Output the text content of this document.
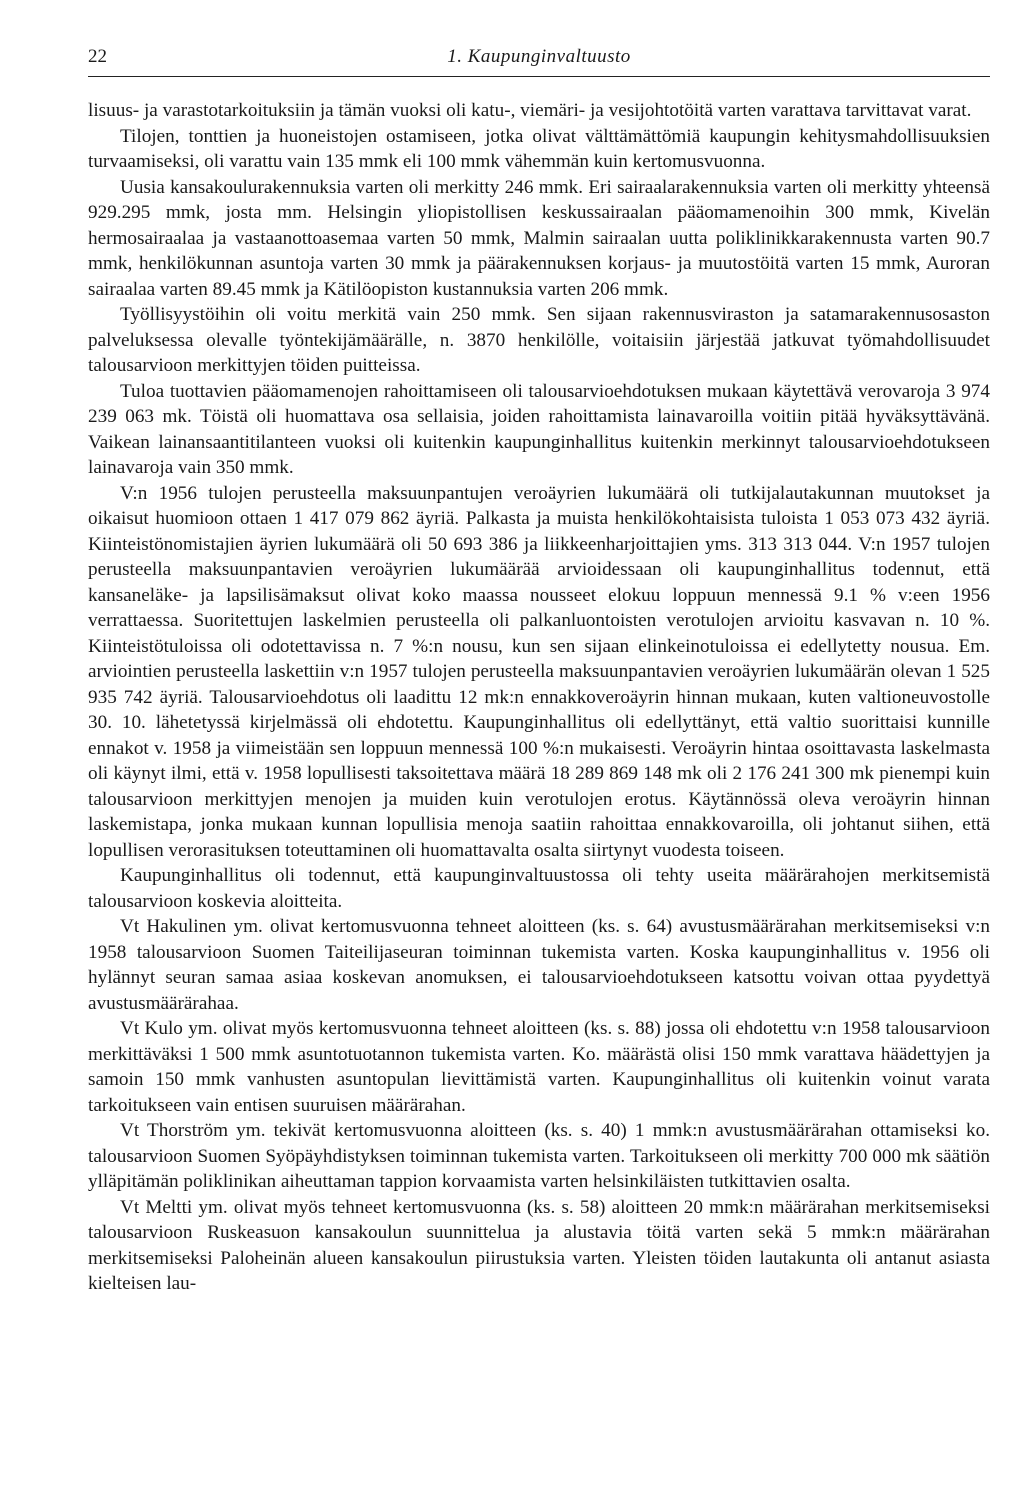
22	1. Kaupunginvaltuusto

lisuus- ja varastotarkoituksiin ja tämän vuoksi oli katu-, viemäri- ja vesijohtotöitä varten varattava tarvittavat varat.

Tilojen, tonttien ja huoneistojen ostamiseen, jotka olivat välttämättömiä kaupungin kehitysmahdollisuuksien turvaamiseksi, oli varattu vain 135 mmk eli 100 mmk vähemmän kuin kertomusvuonna.

Uusia kansakoulurakennuksia varten oli merkitty 246 mmk. Eri sairaalarakennuksia varten oli merkitty yhteensä 929.295 mmk, josta mm. Helsingin yliopistollisen keskussairaalan pääomamenoihin 300 mmk, Kivelän hermosairaalaa ja vastaanottoasemaa varten 50 mmk, Malmin sairaalan uutta poliklinikkarakennusta varten 90.7 mmk, henkilökunnan asuntoja varten 30 mmk ja päärakennuksen korjaus- ja muutostöitä varten 15 mmk, Auroran sairaalaa varten 89.45 mmk ja Kätilöopiston kustannuksia varten 206 mmk.

Työllisyystöihin oli voitu merkitä vain 250 mmk. Sen sijaan rakennusviraston ja satamarakennusosaston palveluksessa olevalle työntekijämäärälle, n. 3870 henkilölle, voitaisiin järjestää jatkuvat työmahdollisuudet talousarvioon merkittyjen töiden puitteissa.

Tuloa tuottavien pääomamenojen rahoittamiseen oli talousarvioehdotuksen mukaan käytettävä verovaroja 3 974 239 063 mk. Töistä oli huomattava osa sellaisia, joiden rahoittamista lainavaroilla voitiin pitää hyväksyttävänä. Vaikean lainansaantitilanteen vuoksi oli kuitenkin kaupunginhallitus kuitenkin merkinnyt talousarvioehdotukseen lainavaroja vain 350 mmk.

V:n 1956 tulojen perusteella maksuunpantujen veroäyrien lukumäärä oli tutkijalautakunnan muutokset ja oikaisut huomioon ottaen 1 417 079 862 äyriä. Palkasta ja muista henkilökohtaisista tuloista 1 053 073 432 äyriä. Kiinteistönomistajien äyrien lukumäärä oli 50 693 386 ja liikkeenharjoittajien yms. 313 313 044. V:n 1957 tulojen perusteella maksuunpantavien veroäyrien lukumäärää arvioidessaan oli kaupunginhallitus todennut, että kansaneläke- ja lapsilisämaksut olivat koko maassa nousseet elokuu loppuun mennessä 9.1 % v:een 1956 verrattaessa. Suoritettujen laskelmien perusteella oli palkanluontoisten verotulojen arvioitu kasvavan n. 10 %. Kiinteistötuloissa oli odotettavissa n. 7 %:n nousu, kun sen sijaan elinkeinotuloissa ei edellytetty nousua. Em. arviointien perusteella laskettiin v:n 1957 tulojen perusteella maksuunpantavien veroäyrien lukumäärän olevan 1 525 935 742 äyriä. Talousarvioehdotus oli laadittu 12 mk:n ennakkoveroäyrin hinnan mukaan, kuten valtioneuvostolle 30. 10. lähetetyssä kirjelmässä oli ehdotettu. Kaupunginhallitus oli edellyttänyt, että valtio suorittaisi kunnille ennakot v. 1958 ja viimeistään sen loppuun mennessä 100 %:n mukaisesti. Veroäyrin hintaa osoittavasta laskelmasta oli käynyt ilmi, että v. 1958 lopullisesti taksoitettava määrä 18 289 869 148 mk oli 2 176 241 300 mk pienempi kuin talousarvioon merkittyjen menojen ja muiden kuin verotulojen erotus. Käytännössä oleva veroäyrin hinnan laskemistapa, jonka mukaan kunnan lopullisia menoja saatiin rahoittaa ennakkovaroilla, oli johtanut siihen, että lopullisen verorasituksen toteuttaminen oli huomattavalta osalta siirtynyt vuodesta toiseen.

Kaupunginhallitus oli todennut, että kaupunginvaltuustossa oli tehty useita määrärahojen merkitsemistä talousarvioon koskevia aloitteita.

Vt Hakulinen ym. olivat kertomusvuonna tehneet aloitteen (ks. s. 64) avustusmäärärahan merkitsemiseksi v:n 1958 talousarvioon Suomen Taiteilijaseuran toiminnan tukemista varten. Koska kaupunginhallitus v. 1956 oli hylännyt seuran samaa asiaa koskevan anomuksen, ei talousarvioehdotukseen katsottu voivan ottaa pyydettyä avustusmäärärahaa.

Vt Kulo ym. olivat myös kertomusvuonna tehneet aloitteen (ks. s. 88) jossa oli ehdotettu v:n 1958 talousarvioon merkittäväksi 1 500 mmk asuntotuotannon tukemista varten. Ko. määrästä olisi 150 mmk varattava häädettyjen ja samoin 150 mmk vanhusten asuntopulan lievittämistä varten. Kaupunginhallitus oli kuitenkin voinut varata tarkoitukseen vain entisen suuruisen määrärahan.

Vt Thorström ym. tekivät kertomusvuonna aloitteen (ks. s. 40) 1 mmk:n avustusmäärärahan ottamiseksi ko. talousarvioon Suomen Syöpäyhdistyksen toiminnan tukemista varten. Tarkoitukseen oli merkitty 700 000 mk säätiön ylläpitämän poliklinikan aiheuttaman tappion korvaamista varten helsinkiläisten tutkittavien osalta.

Vt Meltti ym. olivat myös tehneet kertomusvuonna (ks. s. 58) aloitteen 20 mmk:n määrärahan merkitsemiseksi talousarvioon Ruskeasuon kansakoulun suunnittelua ja alustavia töitä varten sekä 5 mmk:n määrärahan merkitsemiseksi Paloheinän alueen kansakoulun piirustuksia varten. Yleisten töiden lautakunta oli antanut asiasta kielteisen lau-
